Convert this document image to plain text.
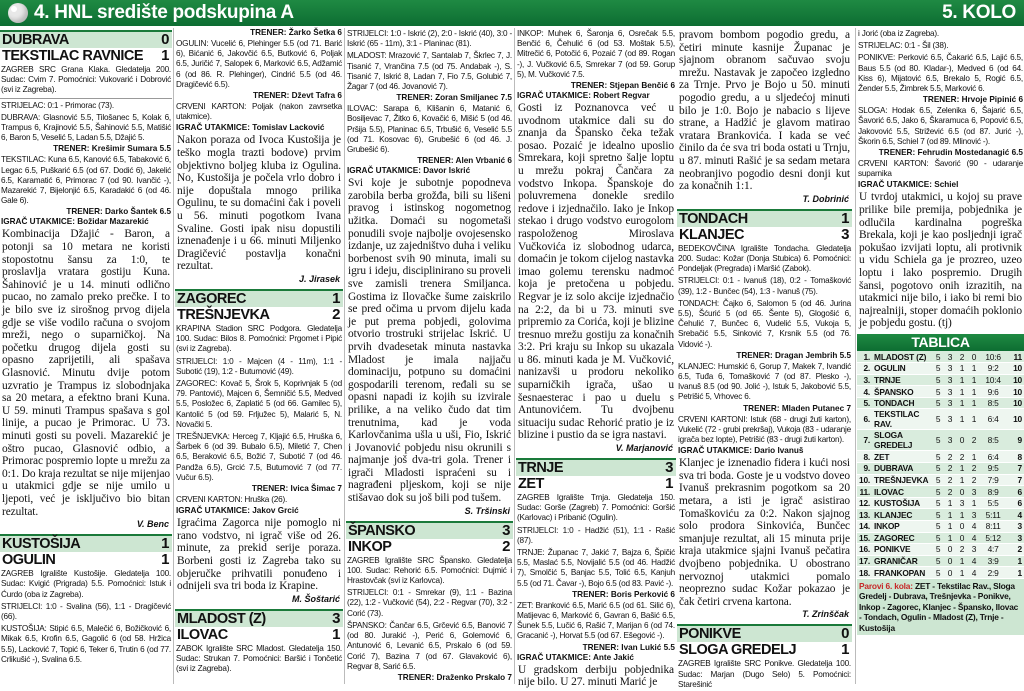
4. HNL središte podskupina A	5. KOLO
DUBRAVA	0
TEKSTILAC RAVNICE 1
ZAGREB SRC Grana Klaka. Gledatelja 200. Sudac: Cvim 7. Pomoćnici: Vukovarić i Dobrović (svi iz Zagreba).
STRIJELAC: 0:1 - Primorac (73).
DUBRAVA: Glasnović 5.5, Tilošanec 5, Kolak 6, Trampus 6, Krajinović 5.5, Šahinović 5.5, Matišić 6, Baron 5, Veselić 5, Ladan 5.5, Džajić 5.
TRENER: Krešimir Sumara 5.5
TEKSTILAC: Kuna 6.5, Kanović 6.5, Tabaković 6, Legac 6.5, Puškarić 6.5 (od 67. Dodić 6), Jakelić 6.5, Karamatić 6, Primorac 7 (od 90. Ivančić -), Mazarekić 7, Bijelonjić 6.5, Karadakić 6 (od 46. Gale 6).
TRENER: Darko Šantek 6.5
IGRAČ UTAKMICE: Božidar Mazarekić
Kombinacija Džajić - Baron, a potonji sa 10 metara ne koristi stopostotnu šansu za 1:0, te proslavlja vratara gostiju Kuna. Šahinović je u 14. minuti odlično pucao, no zamalo preko prečke. I to je bilo sve iz sirošnog prvog dijela gdje se više vodilo računa o svojom mreži, nego o suparničkoj. Na početku drugog dijela gosti su opasno zaprijetili, ali spašava Glasnović. Minutu dvije potom uzvratio je Trampus iz slobodnjaka sa 20 metara, a efektno brani Kuna. U 59. minuti Trampus spašava s gol linije, a pucao je Primorac. U 73. minuti gosti su poveli. Mazarekić je oštro pucao, Glasnović odbio, a Primorac pospremio lopte u mrežu za 0:1. Do kraja rezultat se nije mijenjao u utakmici gdje se nije umilo u ljepoti, već je isključivo bio bitan rezultat.
V. Benc
KUSTOŠIJA	1
OGULIN	1
ZAGREB Igralište Kustošije. Gledatelja 100. Sudac: Kvigić (Prigrada) 5.5. Pomoćnici: Istuk i Ćurdo (oba iz Zagreba).
STRIJELCI: 1:0 - Svalina (56), 1:1 - Dragičević (66).
KUSTOŠIJA: Stipić 6.5, Malečić 6, Božičković 6, Mikak 6.5, Krofin 6.5, Gagolić 6 (od 58. Hržica 5.5), Lacković 7, Topić 6, Teker 6, Trutin 6 (od 77. Crlikušić -), Svalina 6.5.
TRENER: Žarko Šetka 6
OGULIN: Vucelić 6, Plehinger 5.5 (od 71. Barić 6), Bićanić 6, Jakovčić 6.5, Butković 6, Poljak 6.5, Juričić 7, Salopek 6, Marković 6.5, Adžamić 6 (od 86. R. Plehinger), Cindrić 5.5 (od 46. Dragičević 6.5).
TRENER: Dževt Tafra 6
CRVENI KARTON: Poljak (nakon zavrsetka utakmice).
IGRAČ UTAKMICE: Tomislav Lacković
Nakon poraza od Ivoca Kustošija je teško mogla trazti bodove) prvim objektivno boljeg kluba iz Ogulina. No, Kustošija je počela vrlo dobro i nije dopuštala mnogo prilika Ogulinu, te su domaćini čak i poveli u 56. minuti pogotkom Ivana Svaline. Gosti ipak nisu dopustili iznenađenje i u 66. minuti Miljenko Dragičević postavlja konačni rezultat.
J. Jirasek
ZAGOREC	1
TREŠNJEVKA	2
KRAPINA Stadion SRC Podgora. Gledatelja 100. Sudac: Bilos 8. Pomoćnici: Prgomet i Pipić (svi iz Zagreba).
STRIJELCI: 1:0 - Majcen (4 - 11m), 1:1 - Subotić (19), 1:2 - Butumović (49).
ZAGOREC: Kovač 5, Šrok 5, Koprivnjak 5 (od 79. Pantović), Majcen 6, Šemničić 5.5, Medved 5.5, Posložec 6, Zaplatić 5 (od 66. Gamilec 5), Kantolić 5 (od 59. Frljužec 5), Malarić 5, N. Novački 5.
TREŠNJEVKA: Herceg 7, Kljajić 6.5, Hruška 6, Šarbek 6 (od 39. Bubalo 6.5), Miletić 7, Chen 6.5, Beraković 6.5, Božić 7, Subotić 7 (od 46. Pandža 6.5), Grcić 7.5, Butumović 7 (od 77. Vučur 6.5).
TRENER: Ivica Šimac 7
CRVENI KARTON: Hruška (26).
IGRAČ UTAKMICE: Jakov Grcić
Igraćima Zagorca nije pomoglo ni rano vodstvo, ni igrač više od 26. minute, za prekid serije poraza. Borbeni gosti iz Zagreba tako su objeručke prihvatili ponuđeno i odnijeli sva tri boda iz Krapine.
M. Šoštarić
MLADOST (Z)	3
ILOVAC	1
ZABOK Igralište SRC Mladost. Gledatelja 150. Sudac: Strukan 7. Pomoćnici: Baršić i Tončetić (svi iz Zagreba).
STRIJELCI: 1:0 - Iskrić (2), 2:0 - Iskrić (40), 3:0 - Iskrić (65 - 11m), 3:1 - Planinac (81).
MLADOST: Mrazović 7, Santalab 7, Škrlec 7, J. Tisanić 7, Vrančina 7.5 (od 75. Andabak -), S. Tisanić 7, Iskrić 8, Ladan 7, Fio 7.5, Golubić 7, Žagar 7 (od 46. Jovanović 7).
TRENER: Zoran Smiljanec 7.5
ILOVAC: Sarapa 6, Klišanin 6, Matanić 6, Bosiljevac 7, Žitko 6, Kovačić 6, Mišić 5 (od 46. Pršija 5.5), Planinac 6.5, Trbušić 6, Veselić 5.5 (od 71. Kosovac 6), Grubešić 6 (od 46. J. Grubešić 6).
TRENER: Alen Vrbanić 6
IGRAČ UTAKMICE: Davor Iskrić
Svi koje je subotnje popodneva zarobila berba grožđa, bili su lišeni pravog i istinskog nogometnog užitka. Domaći su nogometaši ponudili svoje najbolje ovojesensko izdanje, uz zajedništvo duha i veliku borbenost svih 90 minuta, imali su igru i ideju, disciplinirano su proveli sve zamisli trenera Smiljanca. Gostima iz Ilovačke šume zaiskrilo se pred očima u prvom dijelu kada je put prema pobjedi, golovima otvorio trostruki strijelac Iskrić. U prvih dvadesetak minuta nastavka Mladost je imala najjaču dominaciju, potpuno su domaćini gospodarili terenom, ređali su se opasni napadi iz kojih su izvirale prilike, a na veliko čudo dat tim trenutnima, kad je voda Karlovčanima ušla u uši, Fio, Iskrić i Jovanović pobjedu nisu okrunili s najmanje još dva-tri gola. Trener i igrači Mladosti ispraćeni su i nagrađeni pljeskom, koji se nije stišavao dok su još bili pod tušem.
S. Tršinski
ŠPANSKO	3
INKOP	2
ZAGREB Igralište SRC Špansko. Gledatelja 100. Sudac: Rehorić 6.5. Pomoćnici: Dujmić i Hrastovčak (svi iz Karlovca).
STRIJELCI: 0:1 - Smrekar (9), 1:1 - Bazina (22), 1:2 - Vučković (54), 2:2 - Regvar (70), 3:2 - Corić (73).
ŠPANSKO: Čančar 6.5, Grčević 6.5, Banović 7 (od 80. Jurakić -), Perić 6, Golemović 6, Antunović 6, Levanić 6.5, Prskalo 6 (od 59. Corić 7), Bazina 7 (od 67. Glavaković 6), Regvar 8, Sarić 6.5.
TRENER: Draženko Prskalo 7
INKOP: Muhek 6, Šaronja 6, Osrečak 5.5, Benčić 6, Čehulić 6 (od 53. Moštak 5.5), Mitrečić 6, Potočić 6, Pozaić 7 (od 89. Rogan -), J. Vučković 6.5, Smrekar 7 (od 59. Gorup 5), M. Vučković 7.5.
TRENER: Stjepan Benčić 6
IGRAČ UTAKMICE: Robert Regvar
Gosti iz Poznanovca već u uvodnom utakmice dali su do znanja da Špansko čeka težak posao. Pozaić je idealno uposlio Smrekara, koji spretno šalje loptu u mrežu pokraj Čančara za vodstvo Inkopa. Španskoje do poluvremena donekle sredilo redove i izjednačilo. Iako je Inkop stekao i drugo vodstvo eurogolom raspoloženog Miroslava Vučkovića iz slobodnog udarca, domaćin je tokom cijelog nastavka imao golemu terensku nadmoć koja je pretočena u pobjedu. Regvar je iz solo akcije izjednačio na 2:2, da bi u 73. minuti sve pripremio za Corića, koji je blizine tresnuo mrežu gostiju za konačnih 3:2. Pri kraju su Inkop su ukazala u 86. minuti kada je M. Vučković, nanizavši u prodoru nekoliko suparničkih igrača, ušao u šesnaesterac i pao u duelu s Antunovićem. Tu dvojbenu situaciju sudac Rehorić pratio je iz blizine i pustio da se igra nastavi.
V. Marjanović
TRNJE	3
ZET	1
ZAGREB Igralište Trnja. Gledatelja 150. Sudac: Gorše (Zagreb) 7. Pomoćnici: Goršić (Karlovac) i Pribanić (Ogulin).
STRIJELCI: 1:0 - Hadžić (51), 1:1 - Rašić (87).
TRNJE: Županac 7, Jakić 7, Bajza 6, Špičić 5.5, Maslać 5.5, Novijalić 5.5 (od 46. Hadžić 7), Smolčić 5, Banjac 5.5, Tolić 6.5, Kanjuh 5.5 (od 71. Čavar -), Bojo 6.5 (od 83. Pavić -).
TRENER: Boris Perković 6
ZET: Branković 6.5, Marić 6.5 (od 61. Silić 6), Matijevac 6, Marković 6, Gavran 6, Bašić 6.5, Šunek 5.5, Lučić 6, Rašić 7, Marijan 6 (od 74. Gracanić -), Horvat 5.5 (od 67. Ešegović -).
TRENER: Ivan Lukić 5.5
IGRAČ UTAKMICE: Ante Jakić
U gradskom derbiju pobjednika nije bilo. U 27. minuti Marić je
pravom bombom pogodio gredu, a četiri minute kasnije Županac je sjajnom obranom sačuvao svoju mrežu. Nastavak je započeo izgledno za Trnje. Prvo je Bojo u 50. minuti pogodio gredu, a u sljedećoj minuti bilo je 1:0. Bojo je nabacio s lijeve strane, a Hadžić je glavom matirao vratara Brankovića. I kada se već činilo da će sva tri boda ostati u Trnju, u 87. minuti Rašić je sa sedam metara neobranjivo pogodio desni donji kut za konačnih 1:1.
T. Dobrinić
TONDACH	1
KLANJEC	3
BEDEKOVČINA Igralište Tondacha. Gledatelja 200. Sudac: Kožar (Donja Stubica) 6. Pomoćnici: Pondeljak (Pregrada) i Maršić (Zabok).
STRIJELCI: 0:1 - Ivanuš (18), 0:2 - Tomašković (39), 1:2 - Bunčec (54), 1:3 - Ivanuš (75).
TONDACH: Čajko 6, Salomon 5 (od 46. Jurina 5.5), Šćurić 5 (od 65. Šente 5), Glogošić 6, Čehulić 7, Bunčec 6, Vudelić 5.5, Vukoja 5, Srebačić 5.5, Sinković 7, Krsnik 5.5 (od 76. Vidović -).
TRENER: Dragan Jembrih 5.5
KLANJEC: Humskić 6, Gorup 7, Makek 7, Ivandić 6.5, Tuđa 6, Tomašković 7 (od 87. Plesko -), Ivanuš 8.5 (od 90. Jolić -), Istuk 5, Jakobović 5.5, Petrišić 5, Vrhovec 6.
TRENER: Mladen Putanec 7
CRVENI KARTONI: Istuk (68 - drugi žuti karton), Vukelić (72 - grubi prekršaj), Vukoja (83 - udaranje igrača bez lopte), Petrišić (83 - drugi žuti karton).
IGRAČ UTAKMICE: Dario Ivanuš
Klanjec je iznenadio fidera i kući nosi sva tri boda. Goste je u vodstvo doveo Ivanuš prekrasnim pogotkom sa 20 metara, a isti je igrač asistirao Tomaškoviću za 0:2. Nakon sjajnog solo prodora Sinkovića, Bunčec smanjuje rezultat, ali 15 minuta prije kraja utakmice sjajni Ivanuš pečatira dvojbeno pobjednika. U obostrano nervoznoj utakmici pomalo neoprezno sudac Kožar pokazao je čak četiri crvena kartona.
T. Zrinščak
PONIKVE	0
SLOGA GREDELJ	1
ZAGREB Igralište SRC Ponikve. Gledatelja 100. Sudac: Marjan (Dugo Selo) 5. Pomoćnici: Starešinić
i Jorić (oba iz Zagreba).
STRIJELAC: 0:1 - Šil (38).
PONIKVE: Perković 6.5, Čakarić 6.5, Lajić 6.5, Baus 5.5 (od 80. Kladar-), Medved 6 (od 64. Kiss 6), Mijatović 6.5, Brekalo 5, Rogić 6.5, Žender 5.5, Žimbrek 5.5, Marković 6.
TRENER: Hrvoje Pipinić 6
SLOGA: Hodak 6.5, Zelenika 6, Šajarić 6.5, Šavorić 6.5, Jako 6, Škaramuca 6, Popović 6.5, Jakovović 5.5, Strižević 6.5 (od 87. Jurić -), Škorin 6.5, Schiel 7 (od 89. Mlinović -).
TRENER: Fehrudin Mostedanagić 6.5
CRVENI KARTON: Šavorić (90 - udaranje suparnika
IGRAČ UTAKMICE: Schiel
U tvrdoj utakmici, u kojoj su prave prilike bile premija, pobjednika je odlučila kardinalna pogreška Brekala, koji je kao posljednji igrač pokušao izvijati loptu, ali protivnik u vidu Schiela ga je prozreo, uzeo loptu i lako pospremio. Drugih šansi, pogotovo onih izrazitih, na utakmici nije bilo, i iako bi remi bio najrealniji, stoper domaćih poklonio je pobjedu gostu. (tj)
TABLICA
1.	MLADOST (Z)	5	3	2	0	10:6	11
2.	OGULIN	5	3	1	1	9:2	10
3.	TRNJE	5	3	1	1	10:4	10
4.	ŠPANSKO	5	3	1	1	9:6	10
5.	TONDACH	5	3	1	1	8:5	10
6.	TEKSTILAC RAV.	5	3	1	1	6:4	10
7.	SLOGA GREDELJ	5	3	0	2	8:5	9
8.	ZET	5	2	2	1	6:4	8
9.	DUBRAVA	5	2	1	2	9:5	7
10.	TREŠNJEVKA	5	2	1	2	7:9	7
11.	ILOVAC	5	2	0	3	8:9	6
12.	KUSTOŠIJA	5	1	3	1	5:5	6
13.	KLANJEC	5	1	1	3	5:11	4
14.	INKOP	5	1	0	4	8:11	3
15.	ZAGOREC	5	1	0	4	5:12	3
16.	PONIKVE	5	0	2	3	4:7	2
17.	GRANIČAR	5	0	1	4	3:9	1
18.	FRANKOPAN	5	0	1	4	2:9	1
Parovi 6. kola: ZET - Tekstilac Rav., Sloga Gredelj - Dubrava, Trešnjevka - Ponikve, Inkop - Zagorec, Klanjec - Špansko, Ilovac - Tondach, Ogulin - Mladost (Z), Trnje - Kustošija
